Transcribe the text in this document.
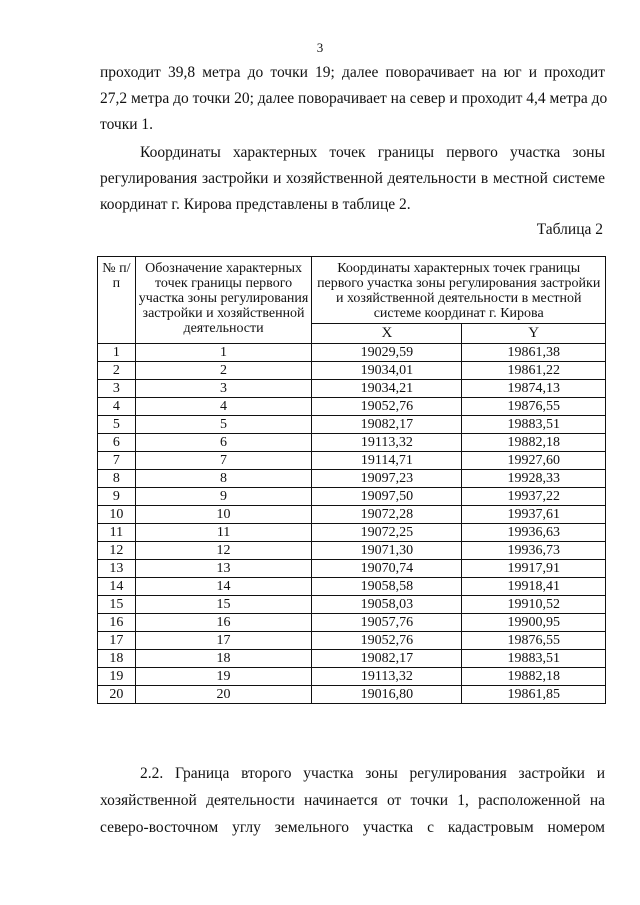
3
проходит 39,8 метра до точки 19; далее поворачивает на юг и проходит
27,2 метра до точки 20; далее поворачивает на север и проходит 4,4 метра до
точки 1.
Координаты характерных точек границы первого участка зоны
регулирования застройки и хозяйственной деятельности в местной системе
координат г. Кирова представлены в таблице 2.
Таблица 2
№ п/п	Обозначение характерных точек границы первого участка зоны регулирования застройки и хозяйственной деятельности	Координаты характерных точек границы первого участка зоны регулирования застройки и хозяйственной деятельности в местной системе координат г. Кирова	
		X	Y
1	1	19029,59	19861,38
2	2	19034,01	19861,22
3	3	19034,21	19874,13
4	4	19052,76	19876,55
5	5	19082,17	19883,51
6	6	19113,32	19882,18
7	7	19114,71	19927,60
8	8	19097,23	19928,33
9	9	19097,50	19937,22
10	10	19072,28	19937,61
11	11	19072,25	19936,63
12	12	19071,30	19936,73
13	13	19070,74	19917,91
14	14	19058,58	19918,41
15	15	19058,03	19910,52
16	16	19057,76	19900,95
17	17	19052,76	19876,55
18	18	19082,17	19883,51
19	19	19113,32	19882,18
20	20	19016,80	19861,85
2.2. Граница второго участка зоны регулирования застройки и
хозяйственной деятельности начинается от точки 1, расположенной на
северо-восточном углу земельного участка с кадастровым номером
